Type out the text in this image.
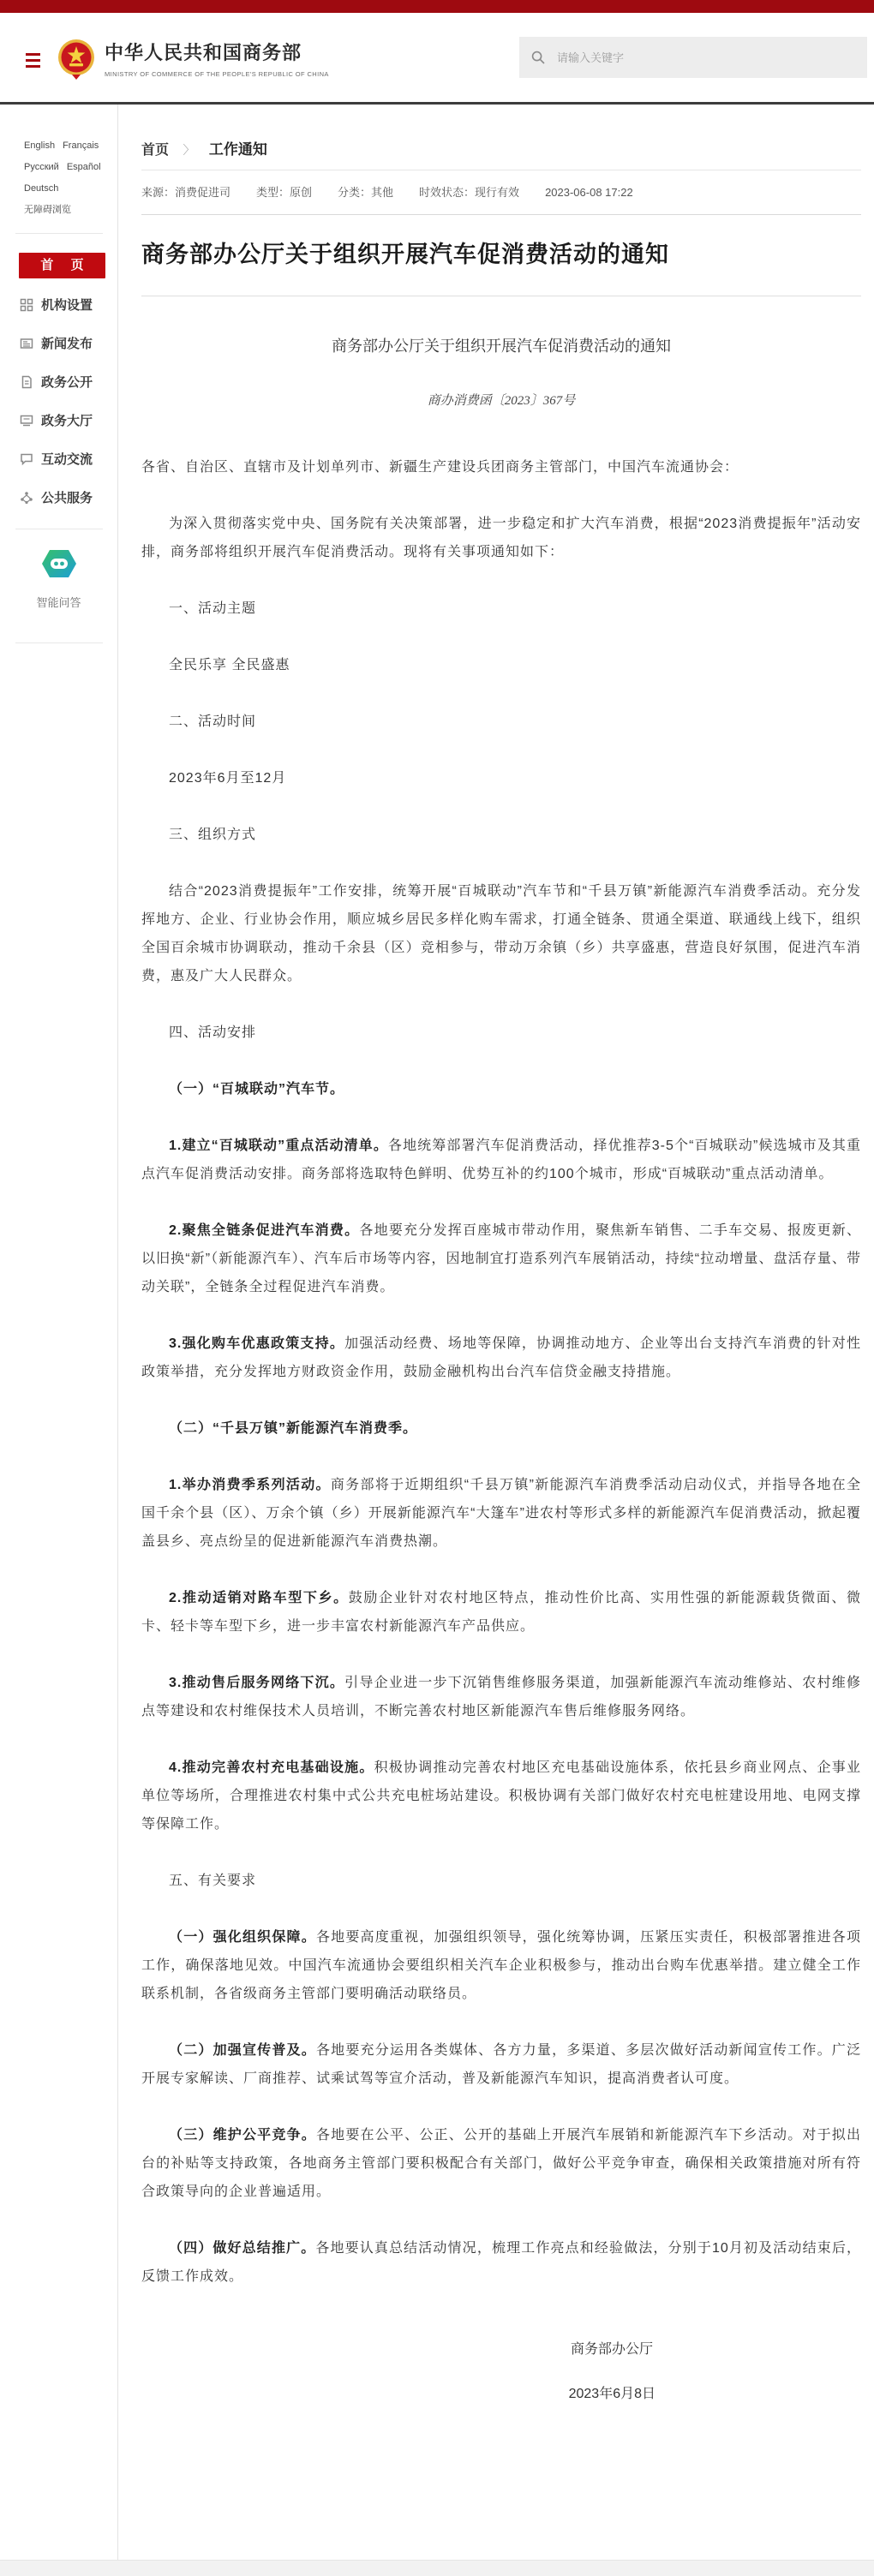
中华人民共和国商务部
MINISTRY OF COMMERCE OF THE PEOPLE'S REPUBLIC OF CHINA
请输入关键字
English Français
Русский Español
Deutsch
无障碍浏览
首 页
机构设置
新闻发布
政务公开
政务大厅
互动交流
公共服务
智能问答
首页 〉 工作通知
来源：消费促进司 类型：原创 分类：其他 时效状态：现行有效 2023-06-08 17:22
商务部办公厅关于组织开展汽车促消费活动的通知
商务部办公厅关于组织开展汽车促消费活动的通知
商办消费函〔2023〕367号

各省、自治区、直辖市及计划单列市、新疆生产建设兵团商务主管部门，中国汽车流通协会：

为深入贯彻落实党中央、国务院有关决策部署，进一步稳定和扩大汽车消费，根据“2023消费提振年”活动安排，商务部将组织开展汽车促消费活动。现将有关事项通知如下：

一、活动主题

全民乐享 全民盛惠

二、活动时间

2023年6月至12月

三、组织方式

结合“2023消费提振年”工作安排，统筹开展“百城联动”汽车节和“千县万镇”新能源汽车消费季活动。充分发挥地方、企业、行业协会作用，顺应城乡居民多样化购车需求，打通全链条、贯通全渠道、联通线上线下，组织全国百余城市协调联动，推动千余县（区）竞相参与，带动万余镇（乡）共享盛惠，营造良好氛围，促进汽车消费，惠及广大人民群众。

四、活动安排

（一）“百城联动”汽车节。

1.建立“百城联动”重点活动清单。各地统筹部署汽车促消费活动，择优推荐3-5个“百城联动”候选城市及其重点汽车促消费活动安排。商务部将选取特色鲜明、优势互补的约100个城市，形成“百城联动”重点活动清单。

2.聚焦全链条促进汽车消费。各地要充分发挥百座城市带动作用，聚焦新车销售、二手车交易、报废更新、以旧换“新”（新能源汽车）、汽车后市场等内容，因地制宜打造系列汽车展销活动，持续“拉动增量、盘活存量、带动关联”，全链条全过程促进汽车消费。

3.强化购车优惠政策支持。加强活动经费、场地等保障，协调推动地方、企业等出台支持汽车消费的针对性政策举措，充分发挥地方财政资金作用，鼓励金融机构出台汽车信贷金融支持措施。

（二）“千县万镇”新能源汽车消费季。

1.举办消费季系列活动。商务部将于近期组织“千县万镇”新能源汽车消费季活动启动仪式，并指导各地在全国千余个县（区）、万余个镇（乡）开展新能源汽车“大篷车”进农村等形式多样的新能源汽车促消费活动，掀起覆盖县乡、亮点纷呈的促进新能源汽车消费热潮。

2.推动适销对路车型下乡。鼓励企业针对农村地区特点，推动性价比高、实用性强的新能源载货微面、微卡、轻卡等车型下乡，进一步丰富农村新能源汽车产品供应。

3.推动售后服务网络下沉。引导企业进一步下沉销售维修服务渠道，加强新能源汽车流动维修站、农村维修点等建设和农村维保技术人员培训，不断完善农村地区新能源汽车售后维修服务网络。

4.推动完善农村充电基础设施。积极协调推动完善农村地区充电基础设施体系，依托县乡商业网点、企事业单位等场所，合理推进农村集中式公共充电桩场站建设。积极协调有关部门做好农村充电桩建设用地、电网支撑等保障工作。

五、有关要求

（一）强化组织保障。各地要高度重视，加强组织领导，强化统筹协调，压紧压实责任，积极部署推进各项工作，确保落地见效。中国汽车流通协会要组织相关汽车企业积极参与，推动出台购车优惠举措。建立健全工作联系机制，各省级商务主管部门要明确活动联络员。

（二）加强宣传普及。各地要充分运用各类媒体、各方力量，多渠道、多层次做好活动新闻宣传工作。广泛开展专家解读、厂商推荐、试乘试驾等宣介活动，普及新能源汽车知识，提高消费者认可度。

（三）维护公平竞争。各地要在公平、公正、公开的基础上开展汽车展销和新能源汽车下乡活动。对于拟出台的补贴等支持政策，各地商务主管部门要积极配合有关部门，做好公平竞争审查，确保相关政策措施对所有符合政策导向的企业普遍适用。

（四）做好总结推广。各地要认真总结活动情况，梳理工作亮点和经验做法，分别于10月初及活动结束后，反馈工作成效。

商务部办公厅
2023年6月8日
